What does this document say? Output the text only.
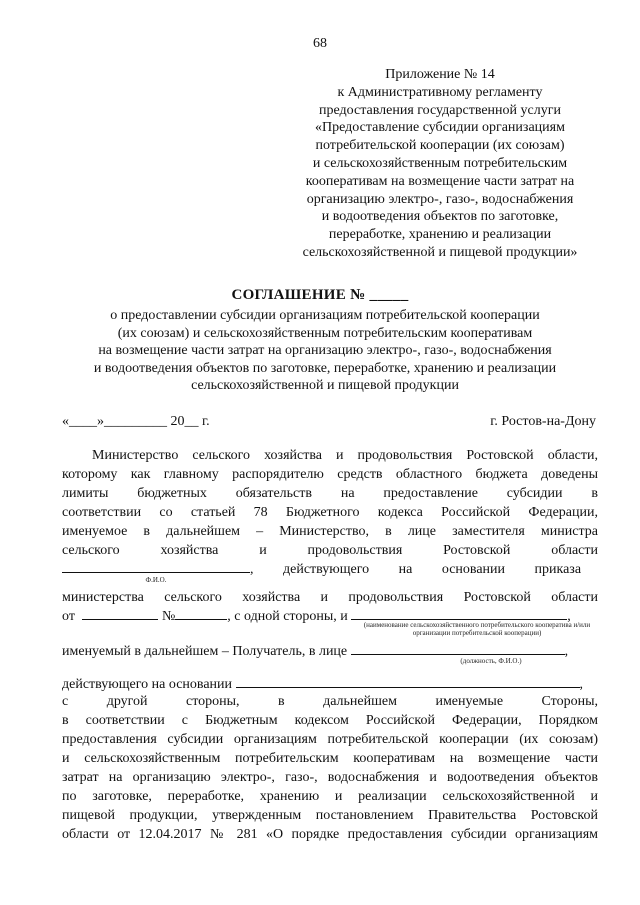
68
Приложение № 14
к Административному регламенту
предоставления государственной услуги
«Предоставление субсидии организациям
потребительской кооперации (их союзам)
и сельскохозяйственным потребительским
кооперативам на возмещение части затрат на
организацию электро-, газо-, водоснабжения
и водоотведения объектов по заготовке,
переработке, хранению и реализации
сельскохозяйственной и пищевой продукции»
СОГЛАШЕНИЕ № _____
о предоставлении субсидии организациям потребительской кооперации
(их союзам) и сельскохозяйственным потребительским кооперативам
на возмещение части затрат на организацию электро-, газо-, водоснабжения
и водоотведения объектов по заготовке, переработке, хранению и реализации
сельскохозяйственной и пищевой продукции
«____»_________ 20__ г.	г. Ростов-на-Дону
Министерство сельского хозяйства и продовольствия Ростовской области,
которому как главному распорядителю средств областного бюджета доведены
лимиты бюджетных обязательств на предоставление субсидии в
соответствии со статьей 78 Бюджетного кодекса Российской Федерации,
именуемое в дальнейшем – Министерство, в лице заместителя министра
сельского хозяйства и продовольствия Ростовской области
, действующего на основании приказа
Ф.И.О.
министерства сельского хозяйства и продовольствия Ростовской области
от	№	, с одной стороны, и	,
(наименование сельскохозяйственного потребительского кооператива и/или организации потребительской кооперации)
именуемый в дальнейшем – Получатель, в лице	,
(должность, Ф.И.О.)
действующего на основании	,
с другой стороны, в дальнейшем именуемые Стороны,
в соответствии с Бюджетным кодексом Российской Федерации, Порядком
предоставления субсидии организациям потребительской кооперации (их союзам)
и сельскохозяйственным потребительским кооперативам на возмещение части
затрат на организацию электро-, газо-, водоснабжения и водоотведения объектов
по заготовке, переработке, хранению и реализации сельскохозяйственной и
пищевой продукции, утвержденным постановлением Правительства Ростовской
области от 12.04.2017 № 281 «О порядке предоставления субсидии организациям
